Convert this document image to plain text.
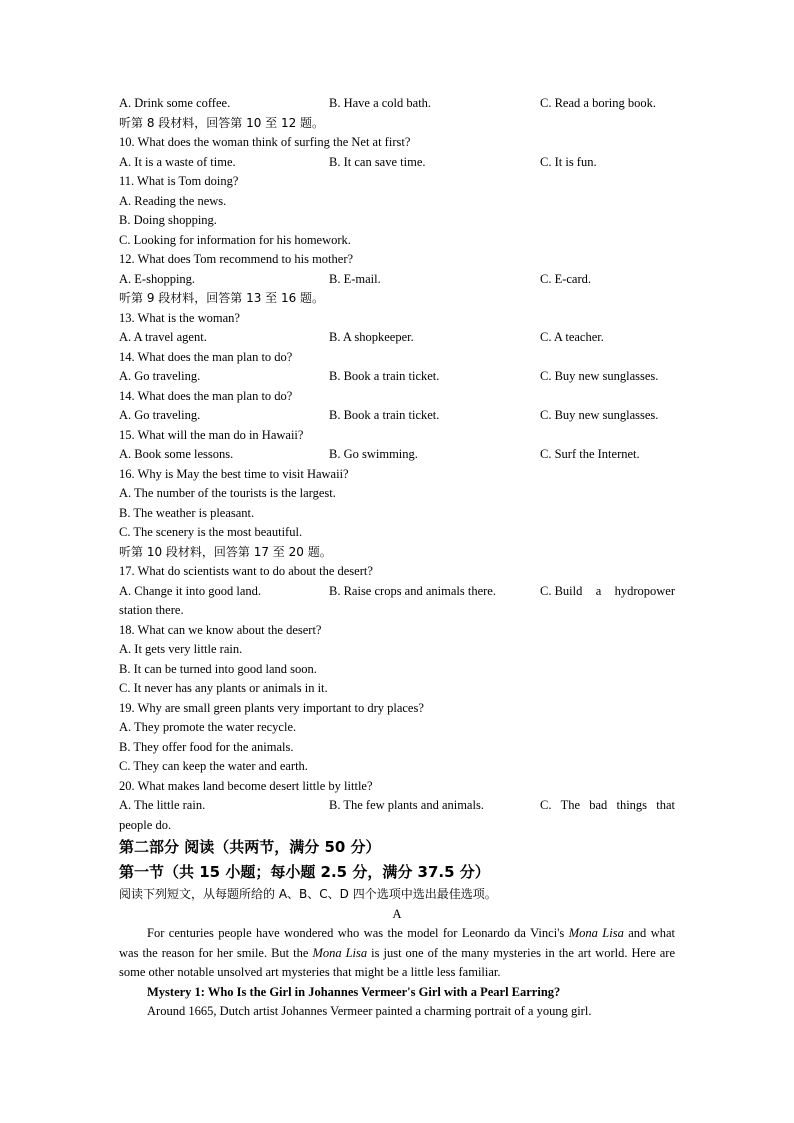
A. Drink some coffee.	B. Have a cold bath.	C. Read a boring book.
听第 8 段材料，回答第 10 至 12 题。
10. What does the woman think of surfing the Net at first?
A. It is a waste of time.	B. It can save time.	C. It is fun.
11. What is Tom doing?
A. Reading the news.
B. Doing shopping.
C. Looking for information for his homework.
12. What does Tom recommend to his mother?
A. E-shopping.	B. E-mail.	C. E-card.
听第 9 段材料，回答第 13 至 16 题。
13. What is the woman?
A. A travel agent.	B. A shopkeeper.	C. A teacher.
14. What does the man plan to do?
A. Go traveling.	B. Book a train ticket.	C. Buy new sunglasses.
14. What does the man plan to do?
A. Go traveling.	B. Book a train ticket.	C. Buy new sunglasses.
15. What will the man do in Hawaii?
A. Book some lessons.	B. Go swimming.	C. Surf the Internet.
16. Why is May the best time to visit Hawaii?
A. The number of the tourists is the largest.
B. The weather is pleasant.
C. The scenery is the most beautiful.
听第 10 段材料，回答第 17 至 20 题。
17. What do scientists want to do about the desert?
A. Change it into good land.	B. Raise crops and animals there.	C. Build a hydropower
station there.
18. What can we know about the desert?
A. It gets very little rain.
B. It can be turned into good land soon.
C. It never has any plants or animals in it.
19. Why are small green plants very important to dry places?
A. They promote the water recycle.
B. They offer food for the animals.
C. They can keep the water and earth.
20. What makes land become desert little by little?
A. The little rain.	B. The few plants and animals.	C. The bad things that
people do.
第二部分 阅读（共两节，满分 50 分）
第一节（共 15 小题；每小题 2.5 分，满分 37.5 分）
阅读下列短文，从每题所给的 A、B、C、D 四个选项中选出最佳选项。
A

For centuries people have wondered who was the model for Leonardo da Vinci's Mona Lisa and what was the reason for her smile. But the Mona Lisa is just one of the many mysteries in the art world. Here are some other notable unsolved art mysteries that might be a little less familiar.

Mystery 1: Who Is the Girl in Johannes Vermeer's Girl with a Pearl Earring?

Around 1665, Dutch artist Johannes Vermeer painted a charming portrait of a young girl.
